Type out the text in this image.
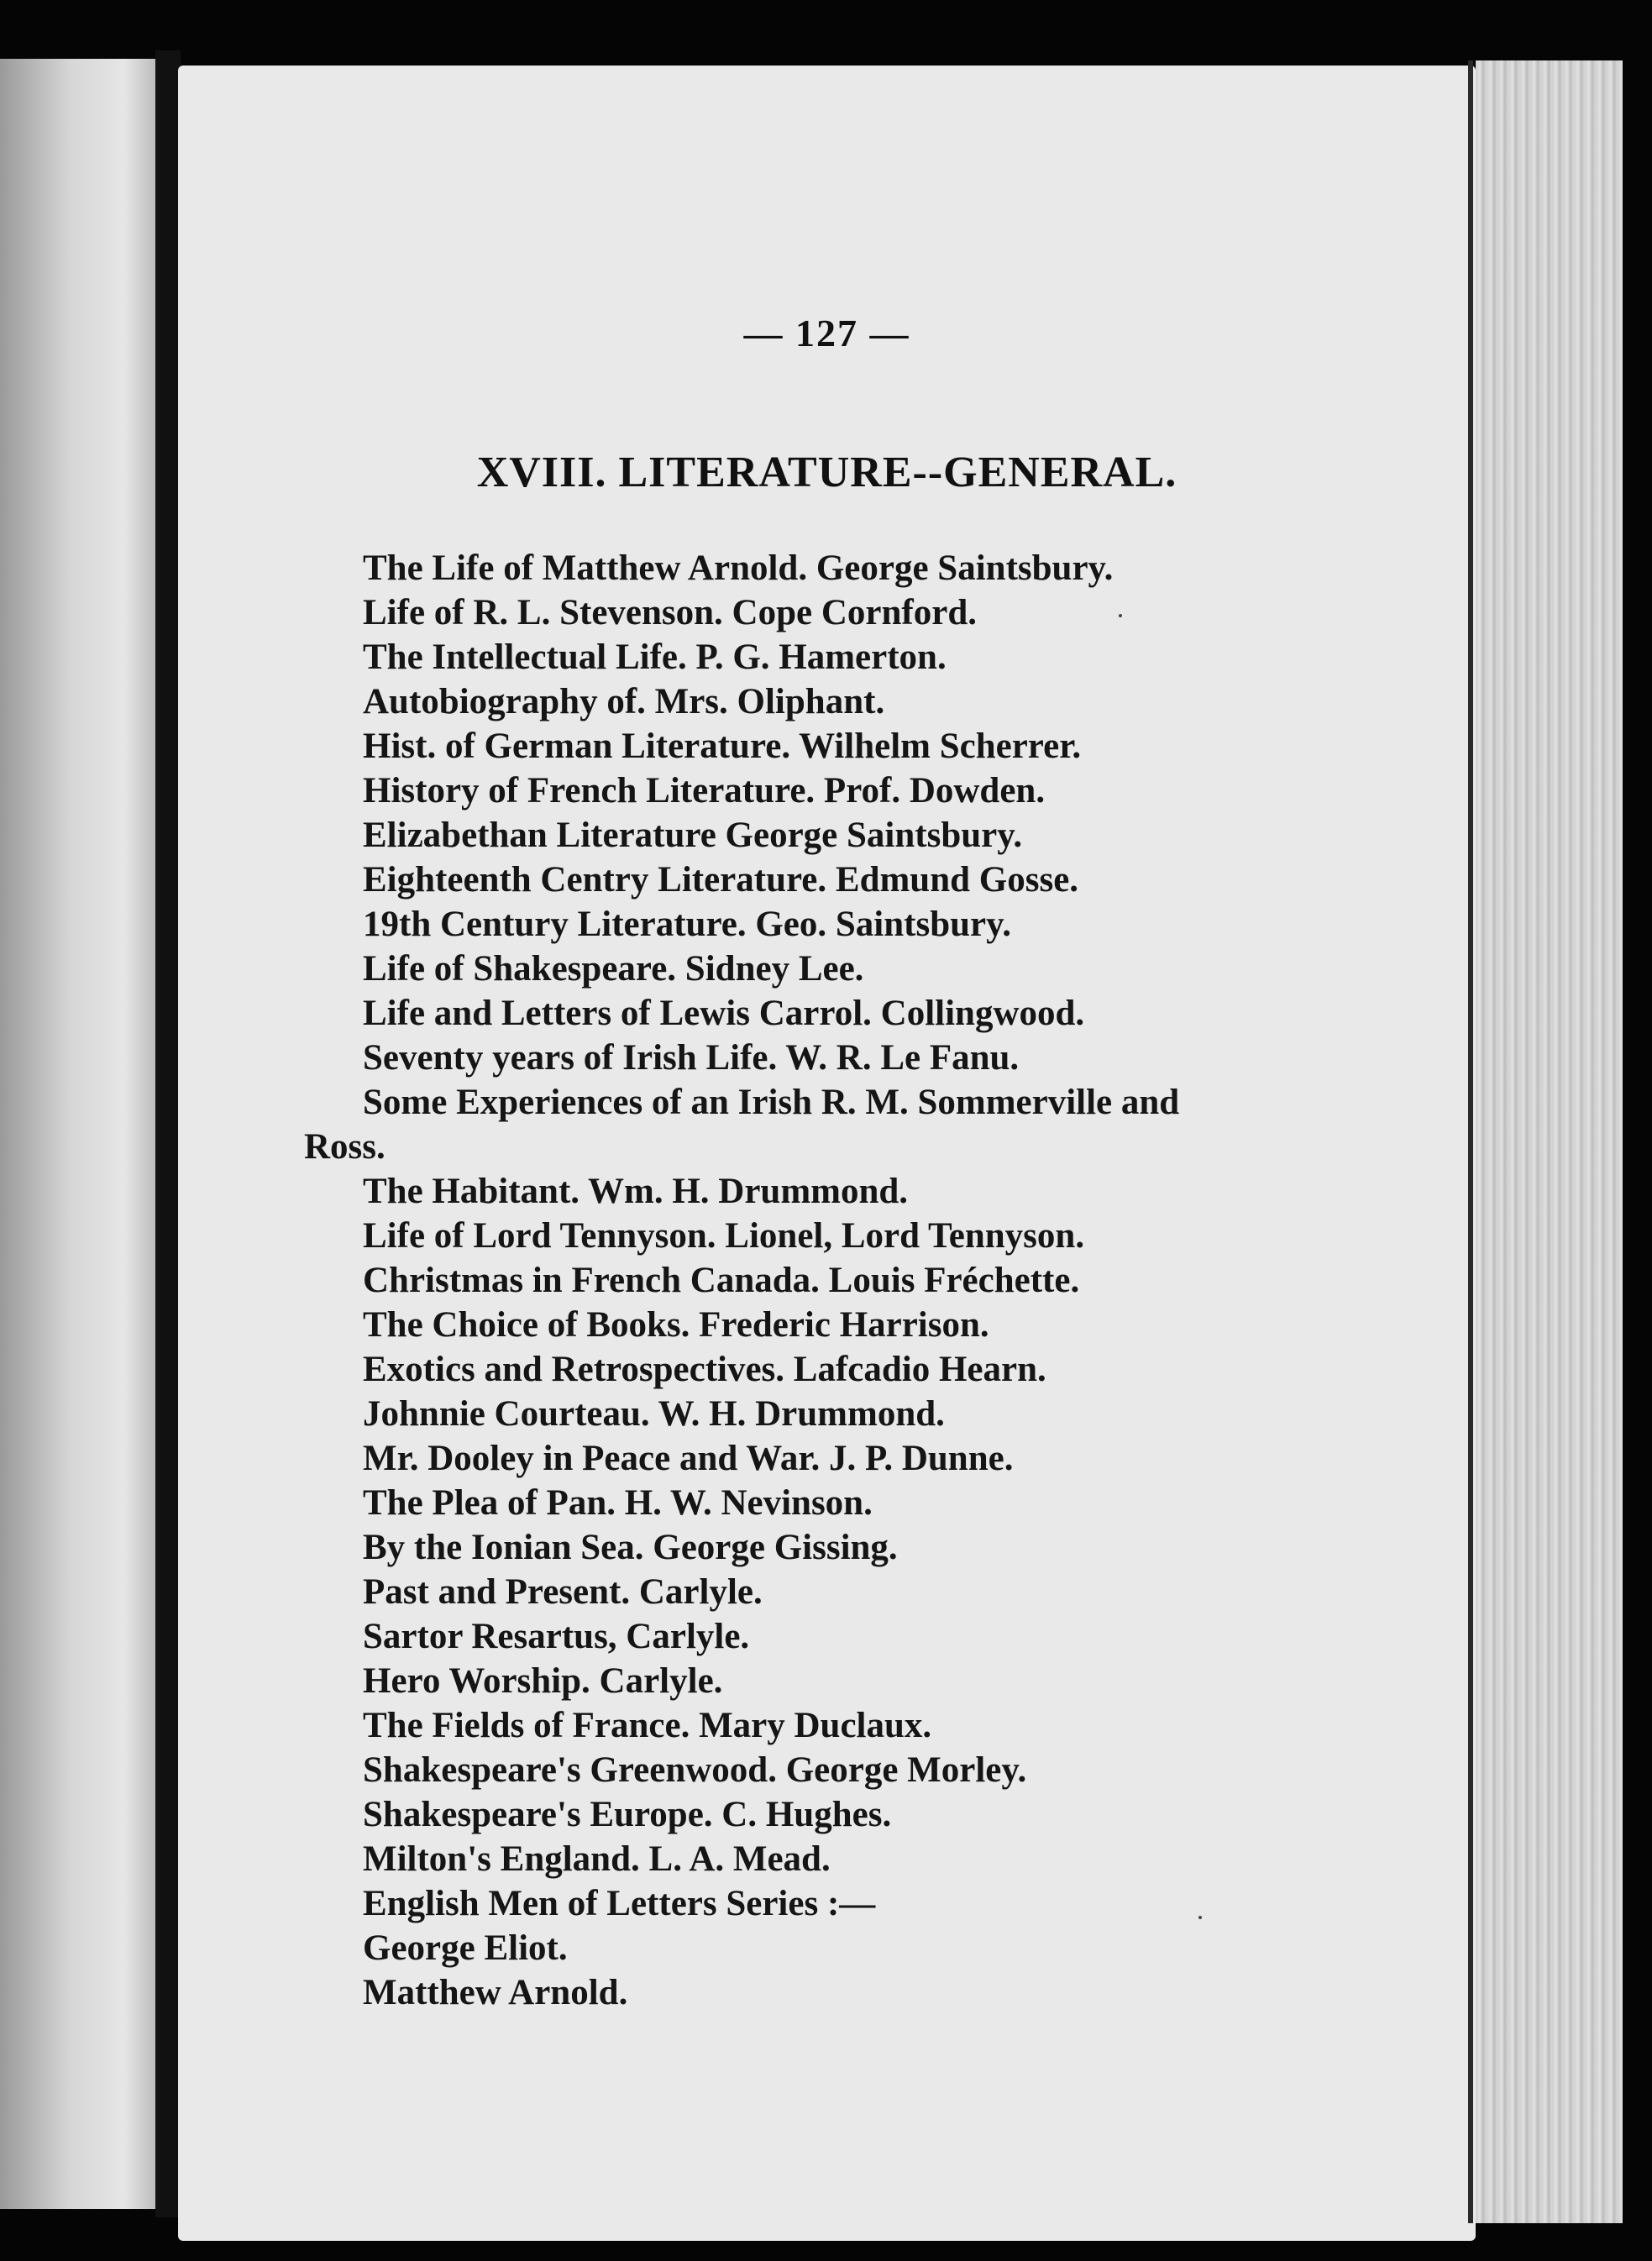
— 127 —
XVIII. LITERATURE--GENERAL.
The Life of Matthew Arnold. George Saintsbury.
Life of R. L. Stevenson. Cope Cornford.
The Intellectual Life. P. G. Hamerton.
Autobiography of. Mrs. Oliphant.
Hist. of German Literature. Wilhelm Scherrer.
History of French Literature. Prof. Dowden.
Elizabethan Literature George Saintsbury.
Eighteenth Centry Literature. Edmund Gosse.
19th Century Literature. Geo. Saintsbury.
Life of Shakespeare. Sidney Lee.
Life and Letters of Lewis Carrol. Collingwood.
Seventy years of Irish Life. W. R. Le Fanu.
Some Experiences of an Irish R. M. Sommerville and
Ross.
The Habitant. Wm. H. Drummond.
Life of Lord Tennyson. Lionel, Lord Tennyson.
Christmas in French Canada. Louis Fréchette.
The Choice of Books. Frederic Harrison.
Exotics and Retrospectives. Lafcadio Hearn.
Johnnie Courteau. W. H. Drummond.
Mr. Dooley in Peace and War. J. P. Dunne.
The Plea of Pan. H. W. Nevinson.
By the Ionian Sea. George Gissing.
Past and Present. Carlyle.
Sartor Resartus, Carlyle.
Hero Worship. Carlyle.
The Fields of France. Mary Duclaux.
Shakespeare's Greenwood. George Morley.
Shakespeare's Europe. C. Hughes.
Milton's England. L. A. Mead.
English Men of Letters Series :—
George Eliot.
Matthew Arnold.
